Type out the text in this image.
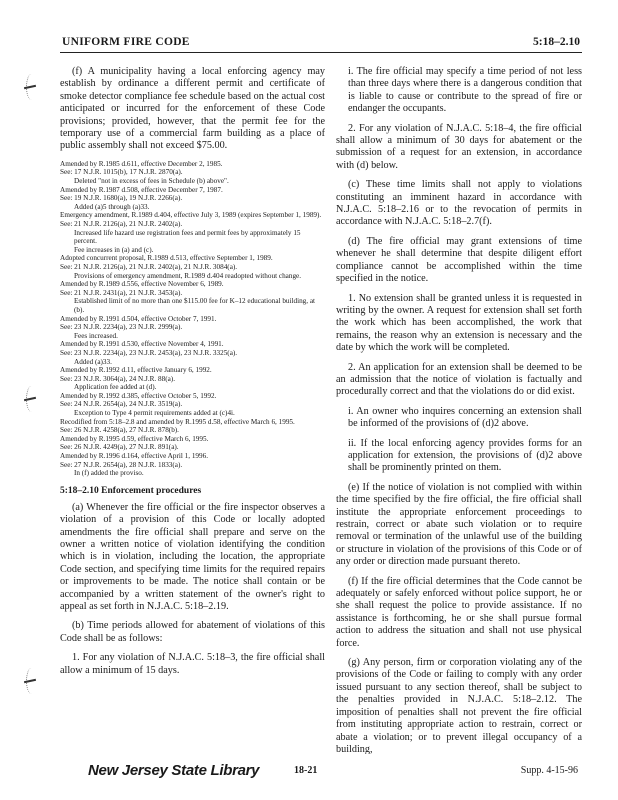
UNIFORM FIRE CODE	5:18–2.10

(f) A municipality having a local enforcing agency may establish by ordinance a different permit and certificate of smoke detector compliance fee schedule based on the actual cost anticipated or incurred for the enforcement of these Code provisions; provided, however, that the permit fee for the temporary use of a commercial farm building as a place of public assembly shall not exceed $75.00.

Amended by R.1985 d.611, effective December 2, 1985.

See: 17 N.J.R. 1015(b), 17 N.J.R. 2870(a).

Deleted "not in excess of fees in Schedule (b) above".

Amended by R.1987 d.508, effective December 7, 1987.

See: 19 N.J.R. 1680(a), 19 N.J.R. 2266(a).

Added (a)5 through (a)33.

Emergency amendment, R.1989 d.404, effective July 3, 1989 (expires September 1, 1989).

See: 21 N.J.R. 2126(a), 21 N.J.R. 2402(a).

Increased life hazard use registration fees and permit fees by approximately 15 percent.

Fee increases in (a) and (c).

Adopted concurrent proposal, R.1989 d.513, effective September 1, 1989.

See: 21 N.J.R. 2126(a), 21 N.J.R. 2402(a), 21 N.J.R. 3084(a).

Provisions of emergency amendment, R.1989 d.404 readopted without change.

Amended by R.1989 d.556, effective November 6, 1989.

See: 21 N.J.R. 2431(a), 21 N.J.R. 3453(a).

Established limit of no more than one $115.00 fee for K–12 educational building, at (b).

Amended by R.1991 d.504, effective October 7, 1991.

See: 23 N.J.R. 2234(a), 23 N.J.R. 2999(a).

Fees increased.

Amended by R.1991 d.530, effective November 4, 1991.

See: 23 N.J.R. 2234(a), 23 N.J.R. 2453(a), 23 N.J.R. 3325(a).

Added (a)33.

Amended by R.1992 d.11, effective January 6, 1992.

See: 23 N.J.R. 3064(a), 24 N.J.R. 88(a).

Application fee added at (d).

Amended by R.1992 d.385, effective October 5, 1992.

See: 24 N.J.R. 2654(a), 24 N.J.R. 3519(a).

Exception to Type 4 permit requirements added at (c)4i.

Recodified from 5:18–2.8 and amended by R.1995 d.58, effective March 6, 1995.

See: 26 N.J.R. 4258(a), 27 N.J.R. 878(b).

Amended by R.1995 d.59, effective March 6, 1995.

See: 26 N.J.R. 4249(a), 27 N.J.R. 891(a).

Amended by R.1996 d.164, effective April 1, 1996.

See: 27 N.J.R. 2654(a), 28 N.J.R. 1833(a).

In (f) added the proviso.

5:18–2.10 Enforcement procedures

(a) Whenever the fire official or the fire inspector observes a violation of a provision of this Code or locally adopted amendments the fire official shall prepare and serve on the owner a written notice of violation identifying the condition which is in violation, including the location, the appropriate Code section, and specifying time limits for the required repairs or improvements to be made. The notice shall contain or be accompanied by a written statement of the owner's right to appeal as set forth in N.J.A.C. 5:18–2.19.

(b) Time periods allowed for abatement of violations of this Code shall be as follows:

1. For any violation of N.J.A.C. 5:18–3, the fire official shall allow a minimum of 15 days.

i. The fire official may specify a time period of not less than three days where there is a dangerous condition that is liable to cause or contribute to the spread of fire or endanger the occupants.

2. For any violation of N.J.A.C. 5:18–4, the fire official shall allow a minimum of 30 days for abatement or the submission of a request for an extension, in accordance with (d) below.

(c) These time limits shall not apply to violations constituting an imminent hazard in accordance with N.J.A.C. 5:18–2.16 or to the revocation of permits in accordance with N.J.A.C. 5:18–2.7(f).

(d) The fire official may grant extensions of time whenever he shall determine that despite diligent effort compliance cannot be accomplished within the time specified in the notice.

1. No extension shall be granted unless it is requested in writing by the owner. A request for extension shall set forth the work which has been accomplished, the work that remains, the reason why an extension is necessary and the date by which the work will be completed.

2. An application for an extension shall be deemed to be an admission that the notice of violation is factually and procedurally correct and that the violations do or did exist.

i. An owner who inquires concerning an extension shall be informed of the provisions of (d)2 above.

ii. If the local enforcing agency provides forms for an application for extension, the provisions of (d)2 above shall be prominently printed on them.

(e) If the notice of violation is not complied with within the time specified by the fire official, the fire official shall institute the appropriate enforcement proceedings to restrain, correct or abate such violation or to require removal or termination of the unlawful use of the building or structure in violation of the provisions of this Code or of any order or direction made pursuant thereto.

(f) If the fire official determines that the Code cannot be adequately or safely enforced without police support, he or she shall request the police to provide assistance. If no assistance is forthcoming, he or she shall pursue formal action to address the situation and shall not use physical force.

(g) Any person, firm or corporation violating any of the provisions of the Code or failing to comply with any order issued pursuant to any section thereof, shall be subject to the penalties provided in N.J.A.C. 5:18–2.12. The imposition of penalties shall not prevent the fire official from instituting appropriate action to restrain, correct or abate a violation; or to prevent illegal occupancy of a building,

New Jersey State Library	18-21	Supp. 4-15-96
